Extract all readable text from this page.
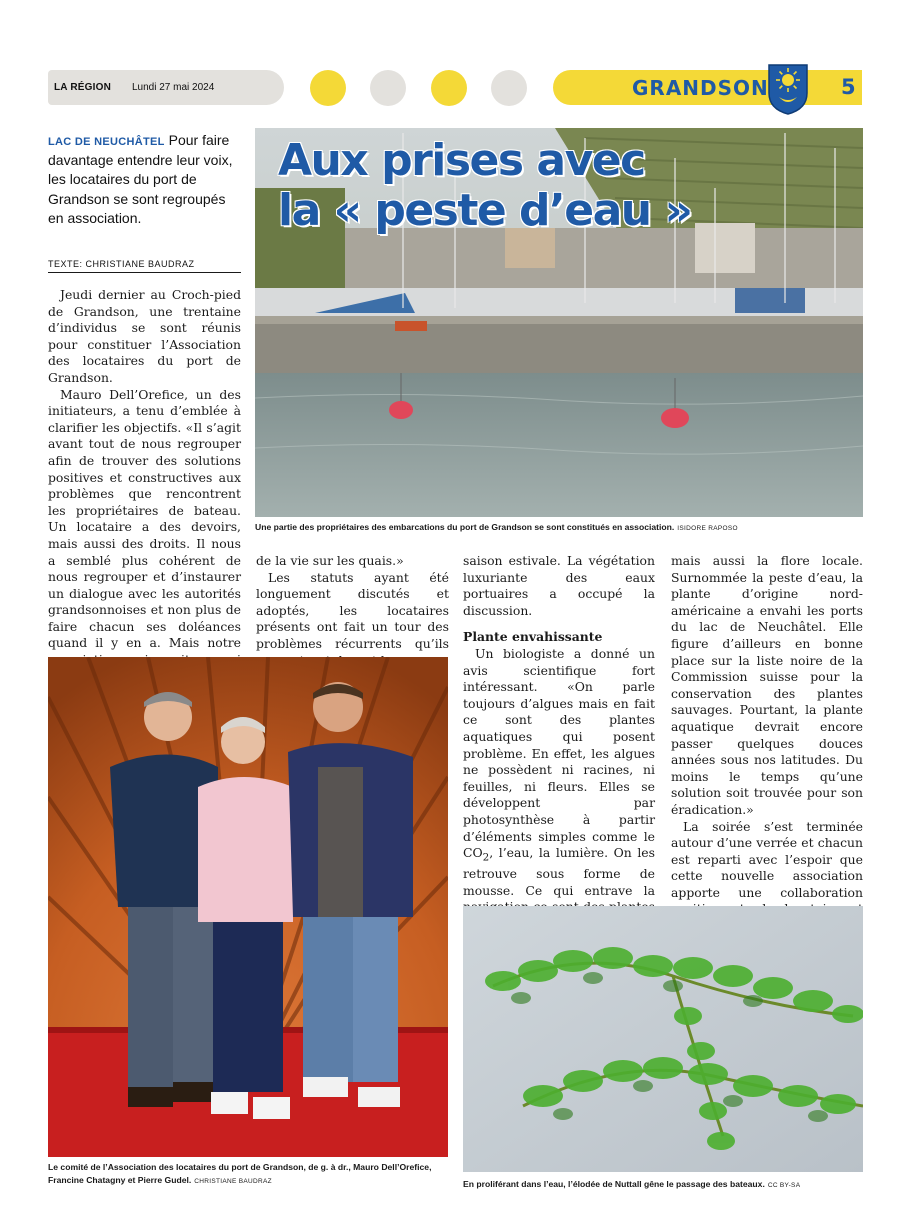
LA RÉGION Lundi 27 mai 2024	GRANDSON	5
Aux prises avec
la « peste d’eau »
Une partie des propriétaires des embarcations du port de Grandson se sont constitués en association. ISIDORE RAPOSO
LAC DE NEUCHÂTEL Pour faire davantage entendre leur voix, les locataires du port de Grandson se sont regroupés en association.
TEXTE: CHRISTIANE BAUDRAZ

Jeudi dernier au Croch-pied de Grandson, une trentaine d’individus se sont réunis pour constituer l’Association des locataires du port de Grandson.

Mauro Dell’Orefice, un des initiateurs, a tenu d’emblée à clarifier les objectifs. «Il s’agit avant tout de nous regrouper afin de trouver des solutions positives et constructives aux problèmes que rencontrent les propriétaires de bateau. Un locataire a des devoirs, mais aussi des droits. Il nous a semblé plus cohérent de nous regrouper et d’instaurer un dialogue avec les autorités grandsonnoises et non plus de faire chacun ses doléances quand il y en a. Mais notre

de la vie sur les quais.»

Les statuts ayant été longuement discutés et adoptés, les locataires présents ont fait un tour des problèmes récurrents qu’ils

saison estivale. La végétation luxuriante des eaux portuaires a occupé la discussion.

Plante envahissante

Un biologiste a donné un avis scientifique fort intéressant. «On parle toujours d’algues mais en fait ce sont des plantes aquatiques qui posent problème. En effet, les algues ne possèdent ni racines, ni feuilles, ni fleurs. Elles se développent par photosynthèse à partir d’éléments simples comme le $CO_2$, l’eau, la lumière. On les retrouve sous forme de mousse. Ce qui entrave la

mais aussi la flore locale. Surnommée la peste d’eau, la plante d’origine nord-américaine a envahi les ports du lac de Neuchâtel. Elle figure d’ailleurs en bonne place sur la liste noire de la Commission suisse pour la conservation des plantes sauvages. Pourtant, la plante aquatique devrait encore passer quelques douces années sous nos latitudes. Du moins le temps qu’une solution soit trouvée pour son éradication.»

La soirée s’est terminée autour d’une verrée et chacun est reparti avec l’espoir que cette nouvelle association apporte une collaboration

Le comité de l’Association des locataires du port de Grandson, de g. à dr., Mauro Dell’Orefice, Francine Chatagny et Pierre Gudel. CHRISTIANE BAUDRAZ	En proliférant dans l’eau, l’élodée de Nuttall gêne le passage des bateaux. CC BY-SA
